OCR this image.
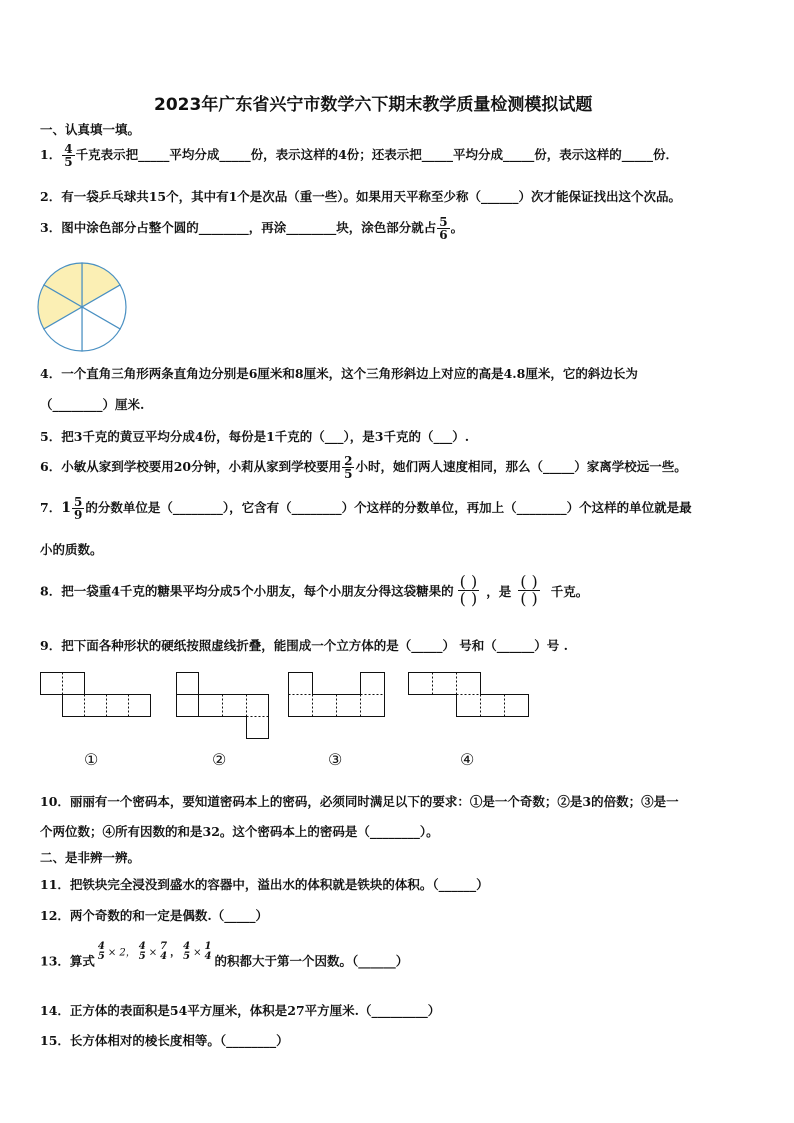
2023年广东省兴宁市数学六下期末教学质量检测模拟试题
一、认真填一填。
1． $\frac{4}{5}$ 千克表示把_____平均分成_____份，表示这样的4份；还表示把_____平均分成_____份，表示这样的_____份．
2．有一袋乒乓球共15个，其中有1个是次品（重一些）。如果用天平称至少称（______）次才能保证找出这个次品。
3．图中涂色部分占整个圆的________，再涂________块，涂色部分就占 $\frac{5}{6}$ 。
4．一个直角三角形两条直角边分别是6厘米和8厘米，这个三角形斜边上对应的高是4.8厘米，它的斜边长为
（________）厘米.
5．把3千克的黄豆平均分成4份，每份是1千克的（___），是3千克的（___）.
6．小敏从家到学校要用20分钟，小莉从家到学校要用 $\frac{2}{5}$ 小时，她们两人速度相同，那么（_____）家离学校远一些。
7．$1 \frac{5}{9}$ 的分数单位是（________），它含有（________）个这样的分数单位，再加上（________）个这样的单位就是最
小的质数。
8．把一袋重4千克的糖果平均分成5个小朋友，每个小朋友分得这袋糖果的 $\frac{( )}{( )}$ ，是 $\frac{( )}{( )}$ 千克。
9．把下面各种形状的硬纸按照虚线折叠，能围成一个立方体的是（_____） 号和（______）号 .
①	②	③	④
10．丽丽有一个密码本，要知道密码本上的密码，必须同时满足以下的要求：①是一个奇数；②是3的倍数；③是一
个两位数；④所有因数的和是32。这个密码本上的密码是（________）。
二、是非辨一辨。
11．把铁块完全浸没到盛水的容器中，溢出水的体积就是铁块的体积。（______）
12．两个奇数的和一定是偶数.（_____）
13．算式
4
5 × 2，
4
5 ×
7
4 ，
4
5 ×
1
4 的积都大于第一个因数。（______）
14．正方体的表面积是54平方厘米，体积是27平方厘米.（_________）
15．长方体相对的棱长度相等。（________）
